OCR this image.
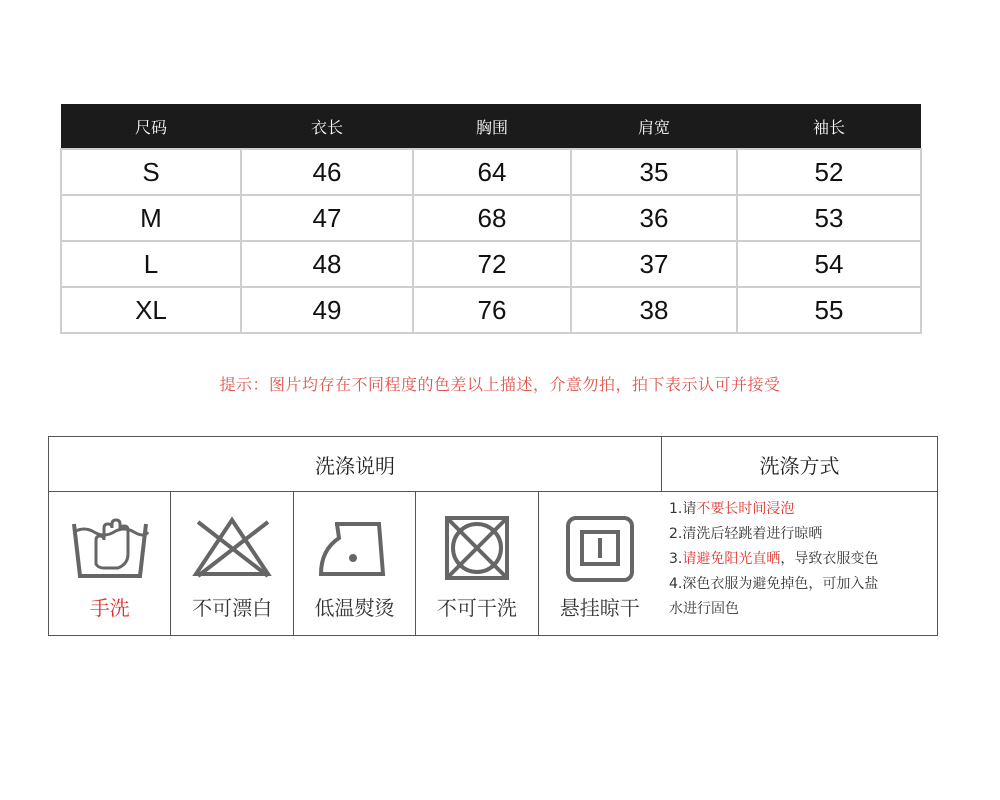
尺码	衣长	胸围	肩宽	袖长
S	46	64	35	52
M	47	68	36	53
L	48	72	37	54
XL	49	76	38	55
提示：图片均存在不同程度的色差以上描述，介意勿拍，拍下表示认可并接受
洗涤说明	洗涤方式
手洗	不可漂白	低温熨烫	不可干洗	悬挂晾干
1.请不要长时间浸泡
2.清洗后轻跳着进行晾晒
3.请避免阳光直晒，导致衣服变色
4.深色衣服为避免掉色，可加入盐
水进行固色
